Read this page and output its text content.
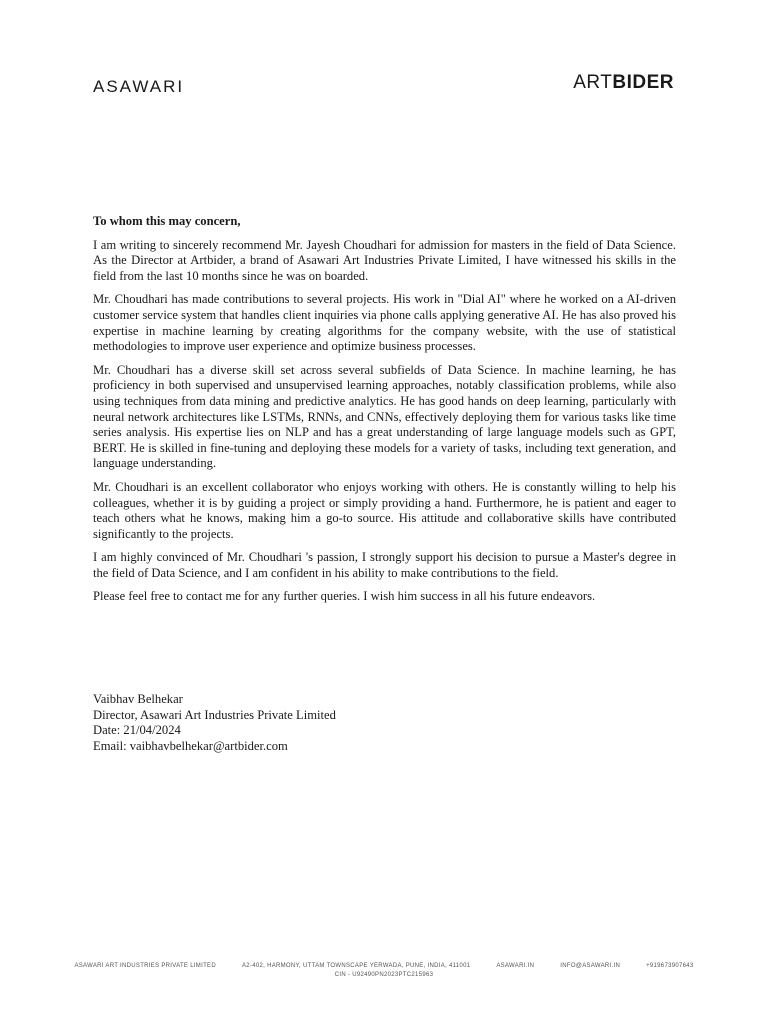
ASAWARI	ARTBIDER

To whom this may concern,

I am writing to sincerely recommend Mr. Jayesh Choudhari for admission for masters in the field of Data Science. As the Director at Artbider, a brand of Asawari Art Industries Private Limited, I have witnessed his skills in the field from the last 10 months since he was on boarded.

Mr. Choudhari has made contributions to several projects. His work in "Dial AI" where he worked on a AI-driven customer service system that handles client inquiries via phone calls applying generative AI. He has also proved his expertise in machine learning by creating algorithms for the company website, with the use of statistical methodologies to improve user experience and optimize business processes.

Mr. Choudhari has a diverse skill set across several subfields of Data Science. In machine learning, he has proficiency in both supervised and unsupervised learning approaches, notably classification problems, while also using techniques from data mining and predictive analytics. He has good hands on deep learning, particularly with neural network architectures like LSTMs, RNNs, and CNNs, effectively deploying them for various tasks like time series analysis. His expertise lies on NLP and has a great understanding of large language models such as GPT, BERT. He is skilled in fine-tuning and deploying these models for a variety of tasks, including text generation, and language understanding.

Mr. Choudhari is an excellent collaborator who enjoys working with others. He is constantly willing to help his colleagues, whether it is by guiding a project or simply providing a hand. Furthermore, he is patient and eager to teach others what he knows, making him a go-to source. His attitude and collaborative skills have contributed significantly to the projects.

I am highly convinced of Mr. Choudhari 's passion, I strongly support his decision to pursue a Master's degree in the field of Data Science, and I am confident in his ability to make contributions to the field.

Please feel free to contact me for any further queries. I wish him success in all his future endeavors.

Vaibhav Belhekar
Director, Asawari Art Industries Private Limited
Date: 21/04/2024
Email: vaibhavbelhekar@artbider.com
ASAWARI ART INDUSTRIES PRIVATE LIMITED	A2-402, HARMONY, UTTAM TOWNSCAPE YERWADA, PUNE, INDIA, 411001	ASAWARI.IN	INFO@ASAWARI.IN	+919673907643
CIN - U92490PN2023PTC215963
